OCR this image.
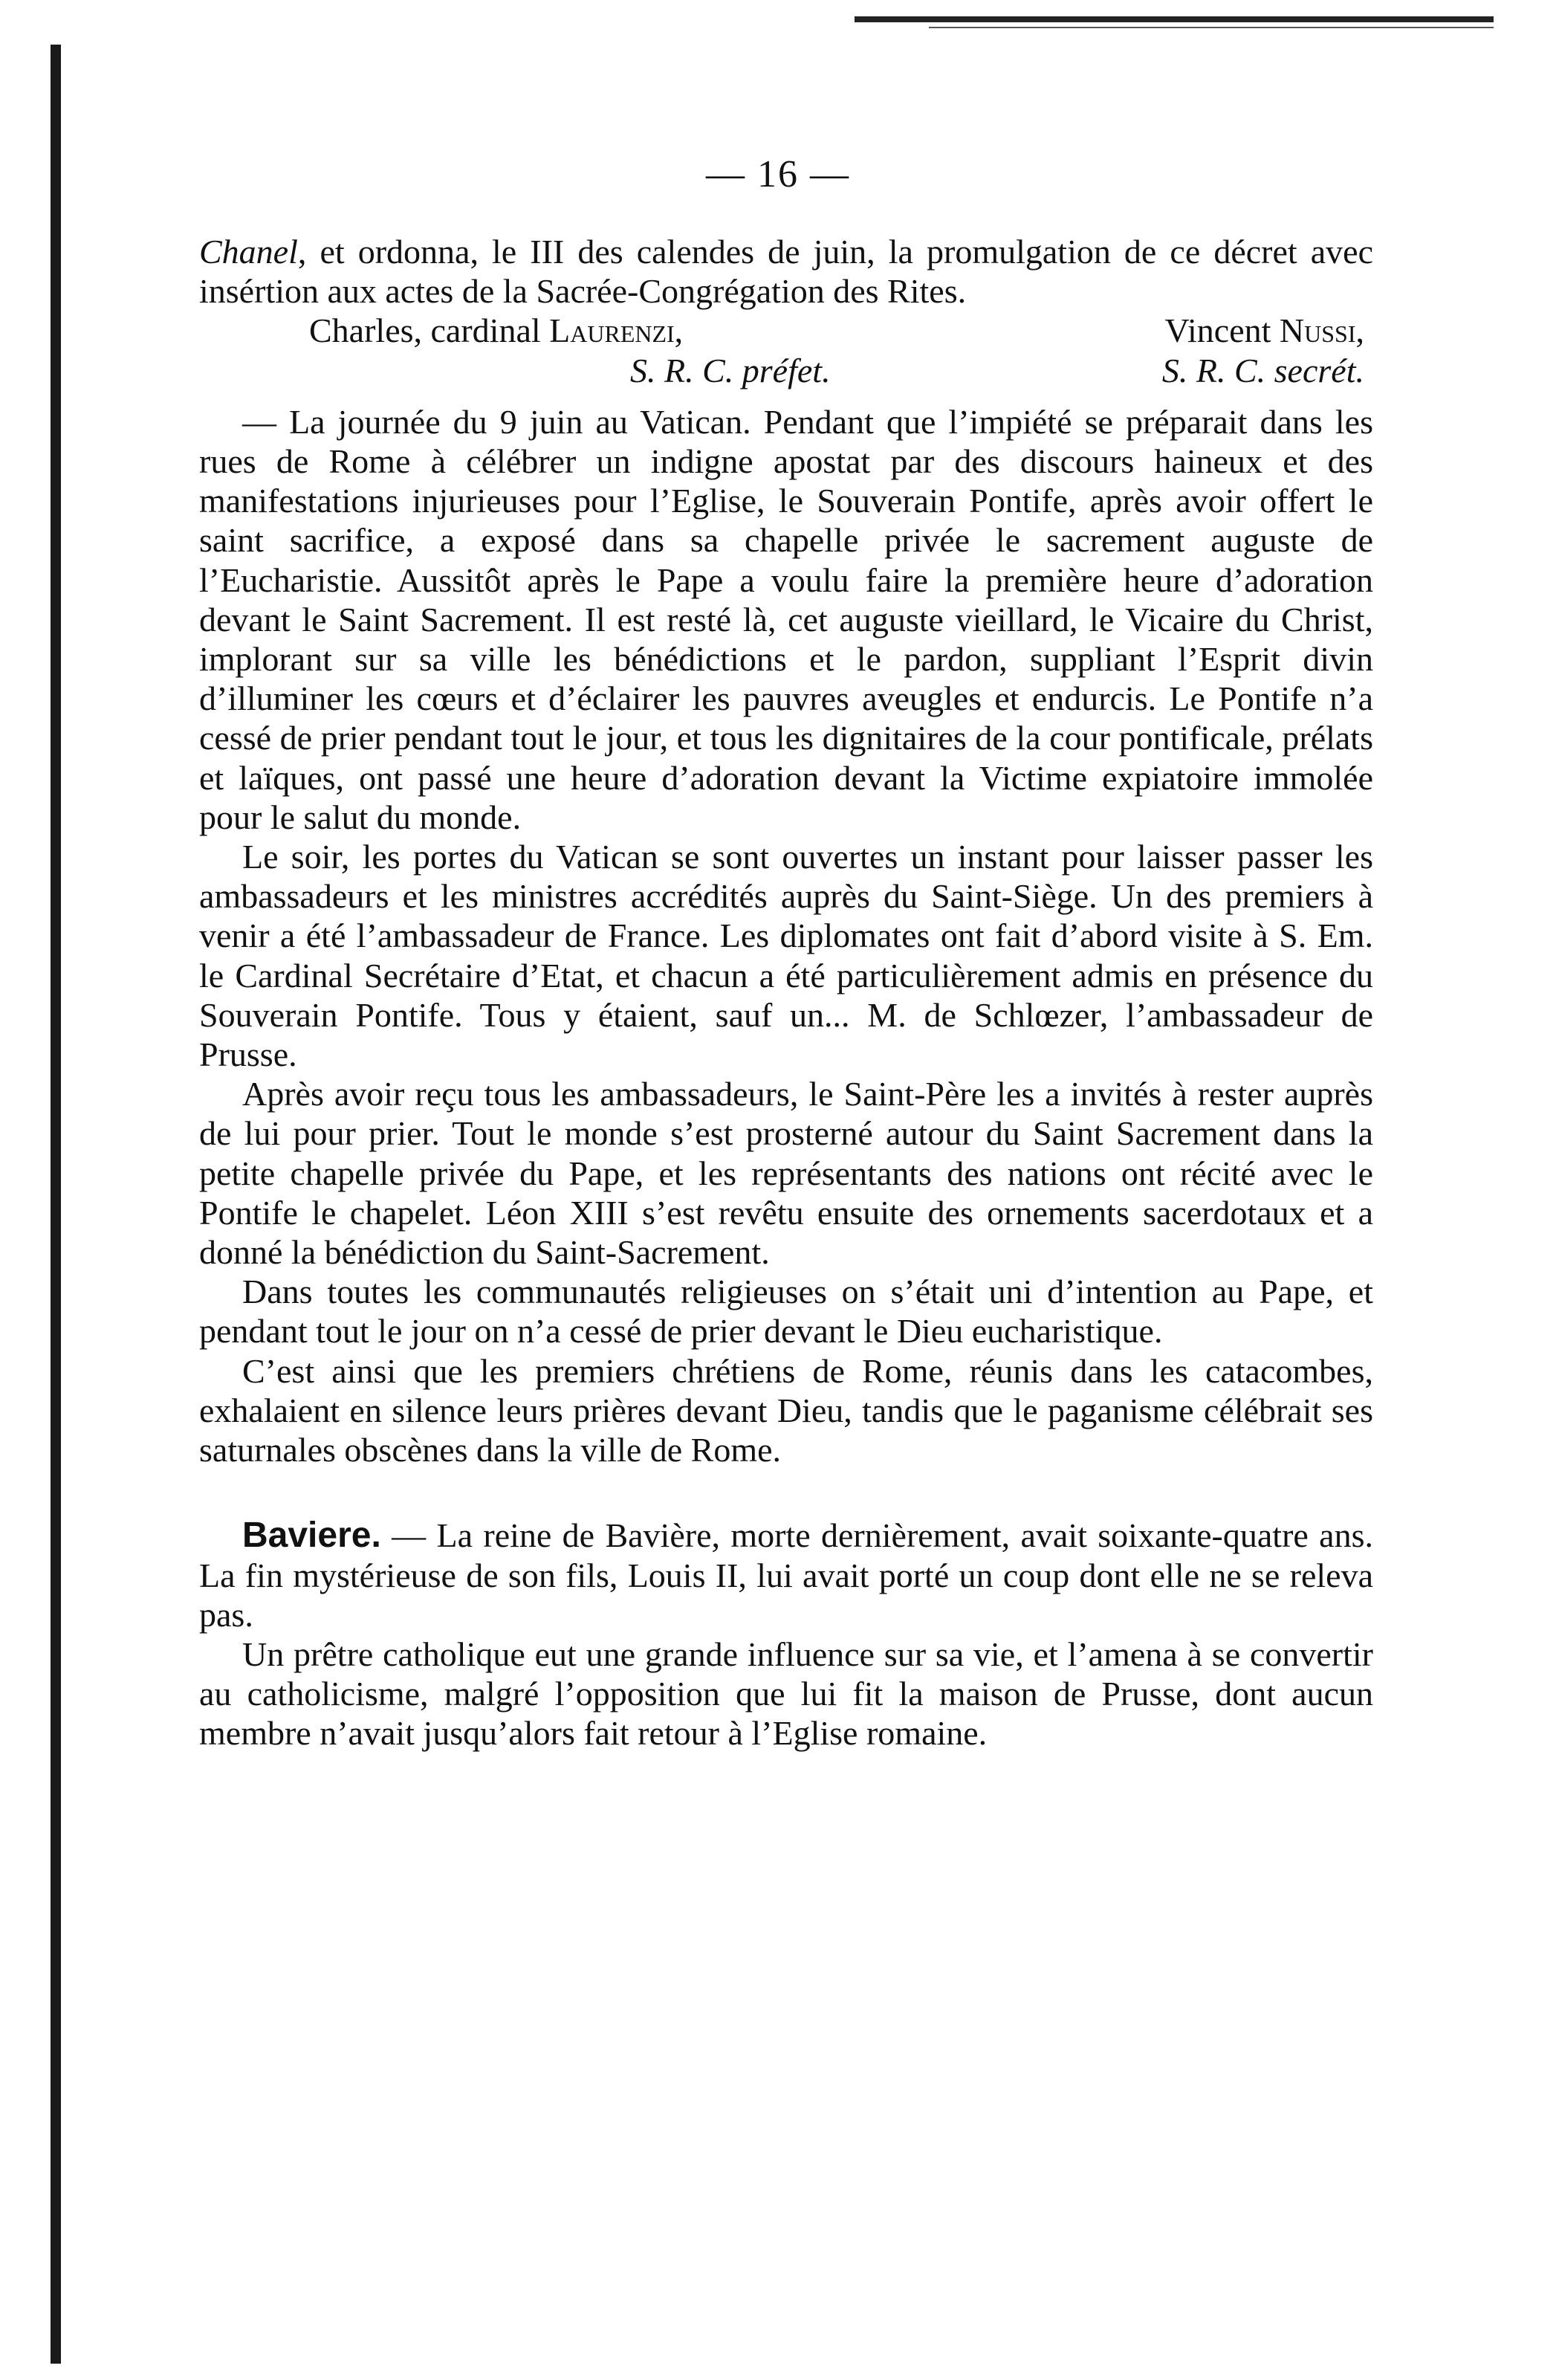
— 16 —

Chanel, et ordonna, le III des calendes de juin, la promulgation de ce décret avec insértion aux actes de la Sacrée-Congrégation des Rites.

Charles, cardinal Laurenzi,	Vincent Nussi,
S. R. C. préfet.	S. R. C. secrét.

— La journée du 9 juin au Vatican. Pendant que l’impiété se préparait dans les rues de Rome à célébrer un indigne apostat par des discours haineux et des manifestations injurieuses pour l’Eglise, le Souverain Pontife, après avoir offert le saint sacrifice, a exposé dans sa chapelle privée le sacrement auguste de l’Eucharistie. Aussitôt après le Pape a voulu faire la première heure d’adoration devant le Saint Sacrement. Il est resté là, cet auguste vieillard, le Vicaire du Christ, implorant sur sa ville les bénédictions et le pardon, suppliant l’Esprit divin d’illuminer les cœurs et d’éclairer les pauvres aveugles et endurcis. Le Pontife n’a cessé de prier pendant tout le jour, et tous les dignitaires de la cour pontificale, prélats et laïques, ont passé une heure d’adoration devant la Victime expiatoire immolée pour le salut du monde.

Le soir, les portes du Vatican se sont ouvertes un instant pour laisser passer les ambassadeurs et les ministres accrédités auprès du Saint-Siège. Un des premiers à venir a été l’ambassadeur de France. Les diplomates ont fait d’abord visite à S. Em. le Cardinal Secrétaire d’Etat, et chacun a été particulièrement admis en présence du Souverain Pontife. Tous y étaient, sauf un... M. de Schlœzer, l’ambassadeur de Prusse.

Après avoir reçu tous les ambassadeurs, le Saint-Père les a invités à rester auprès de lui pour prier. Tout le monde s’est prosterné autour du Saint Sacrement dans la petite chapelle privée du Pape, et les représentants des nations ont récité avec le Pontife le chapelet. Léon XIII s’est revêtu ensuite des ornements sacerdotaux et a donné la bénédiction du Saint-Sacrement.

Dans toutes les communautés religieuses on s’était uni d’intention au Pape, et pendant tout le jour on n’a cessé de prier devant le Dieu eucharistique.

C’est ainsi que les premiers chrétiens de Rome, réunis dans les catacombes, exhalaient en silence leurs prières devant Dieu, tandis que le paganisme célébrait ses saturnales obscènes dans la ville de Rome.

Baviere. — La reine de Bavière, morte dernièrement, avait soixante-quatre ans. La fin mystérieuse de son fils, Louis II, lui avait porté un coup dont elle ne se releva pas.

Un prêtre catholique eut une grande influence sur sa vie, et l’amena à se convertir au catholicisme, malgré l’opposition que lui fit la maison de Prusse, dont aucun membre n’avait jusqu’alors fait retour à l’Eglise romaine.
